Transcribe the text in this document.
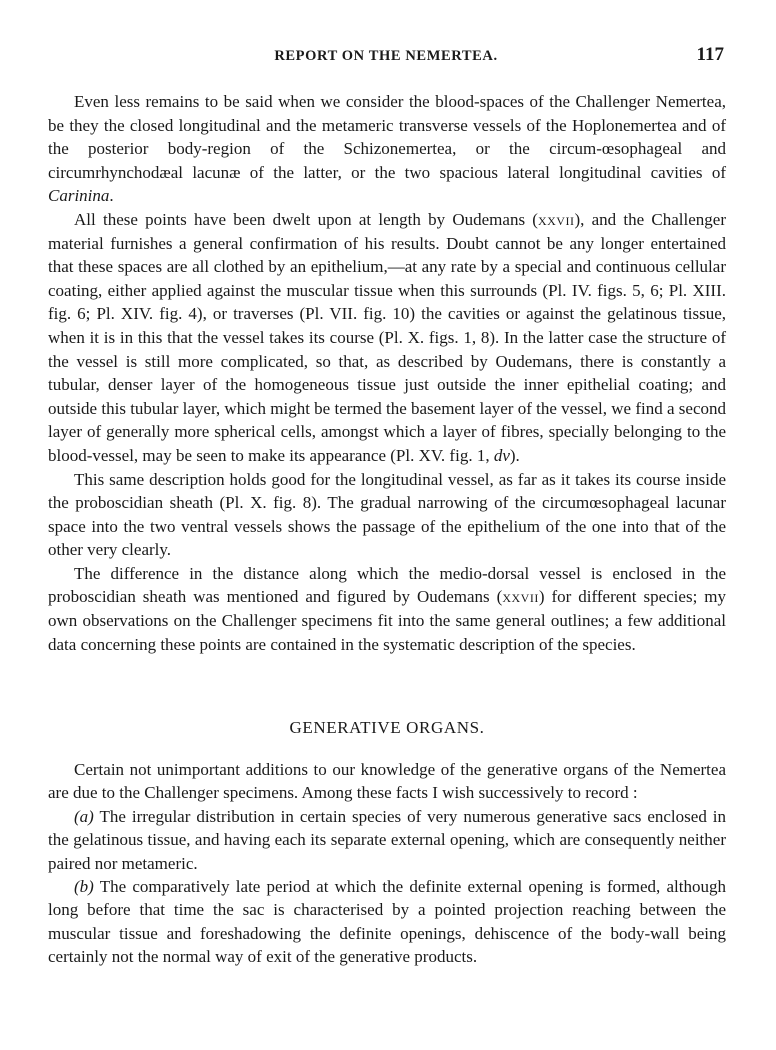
REPORT ON THE NEMERTEA.	117

Even less remains to be said when we consider the blood-spaces of the Challenger Nemertea, be they the closed longitudinal and the metameric transverse vessels of the Hoplonemertea and of the posterior body-region of the Schizonemertea, or the circum-œsophageal and circumrhynchodæal lacunæ of the latter, or the two spacious lateral longitudinal cavities of Carinina.

All these points have been dwelt upon at length by Oudemans (xxvii), and the Challenger material furnishes a general confirmation of his results. Doubt cannot be any longer entertained that these spaces are all clothed by an epithelium,—at any rate by a special and continuous cellular coating, either applied against the muscular tissue when this surrounds (Pl. IV. figs. 5, 6; Pl. XIII. fig. 6; Pl. XIV. fig. 4), or traverses (Pl. VII. fig. 10) the cavities or against the gelatinous tissue, when it is in this that the vessel takes its course (Pl. X. figs. 1, 8). In the latter case the structure of the vessel is still more complicated, so that, as described by Oudemans, there is constantly a tubular, denser layer of the homogeneous tissue just outside the inner epithelial coating; and outside this tubular layer, which might be termed the basement layer of the vessel, we find a second layer of generally more spherical cells, amongst which a layer of fibres, specially belonging to the blood-vessel, may be seen to make its appearance (Pl. XV. fig. 1, dv).

This same description holds good for the longitudinal vessel, as far as it takes its course inside the proboscidian sheath (Pl. X. fig. 8). The gradual narrowing of the circumœsophageal lacunar space into the two ventral vessels shows the passage of the epithelium of the one into that of the other very clearly.

The difference in the distance along which the medio-dorsal vessel is enclosed in the proboscidian sheath was mentioned and figured by Oudemans (xxvii) for different species; my own observations on the Challenger specimens fit into the same general outlines; a few additional data concerning these points are contained in the systematic description of the species.

GENERATIVE ORGANS.

Certain not unimportant additions to our knowledge of the generative organs of the Nemertea are due to the Challenger specimens. Among these facts I wish successively to record :

(a) The irregular distribution in certain species of very numerous generative sacs enclosed in the gelatinous tissue, and having each its separate external opening, which are consequently neither paired nor metameric.

(b) The comparatively late period at which the definite external opening is formed, although long before that time the sac is characterised by a pointed projection reaching between the muscular tissue and foreshadowing the definite openings, dehiscence of the body-wall being certainly not the normal way of exit of the generative products.
